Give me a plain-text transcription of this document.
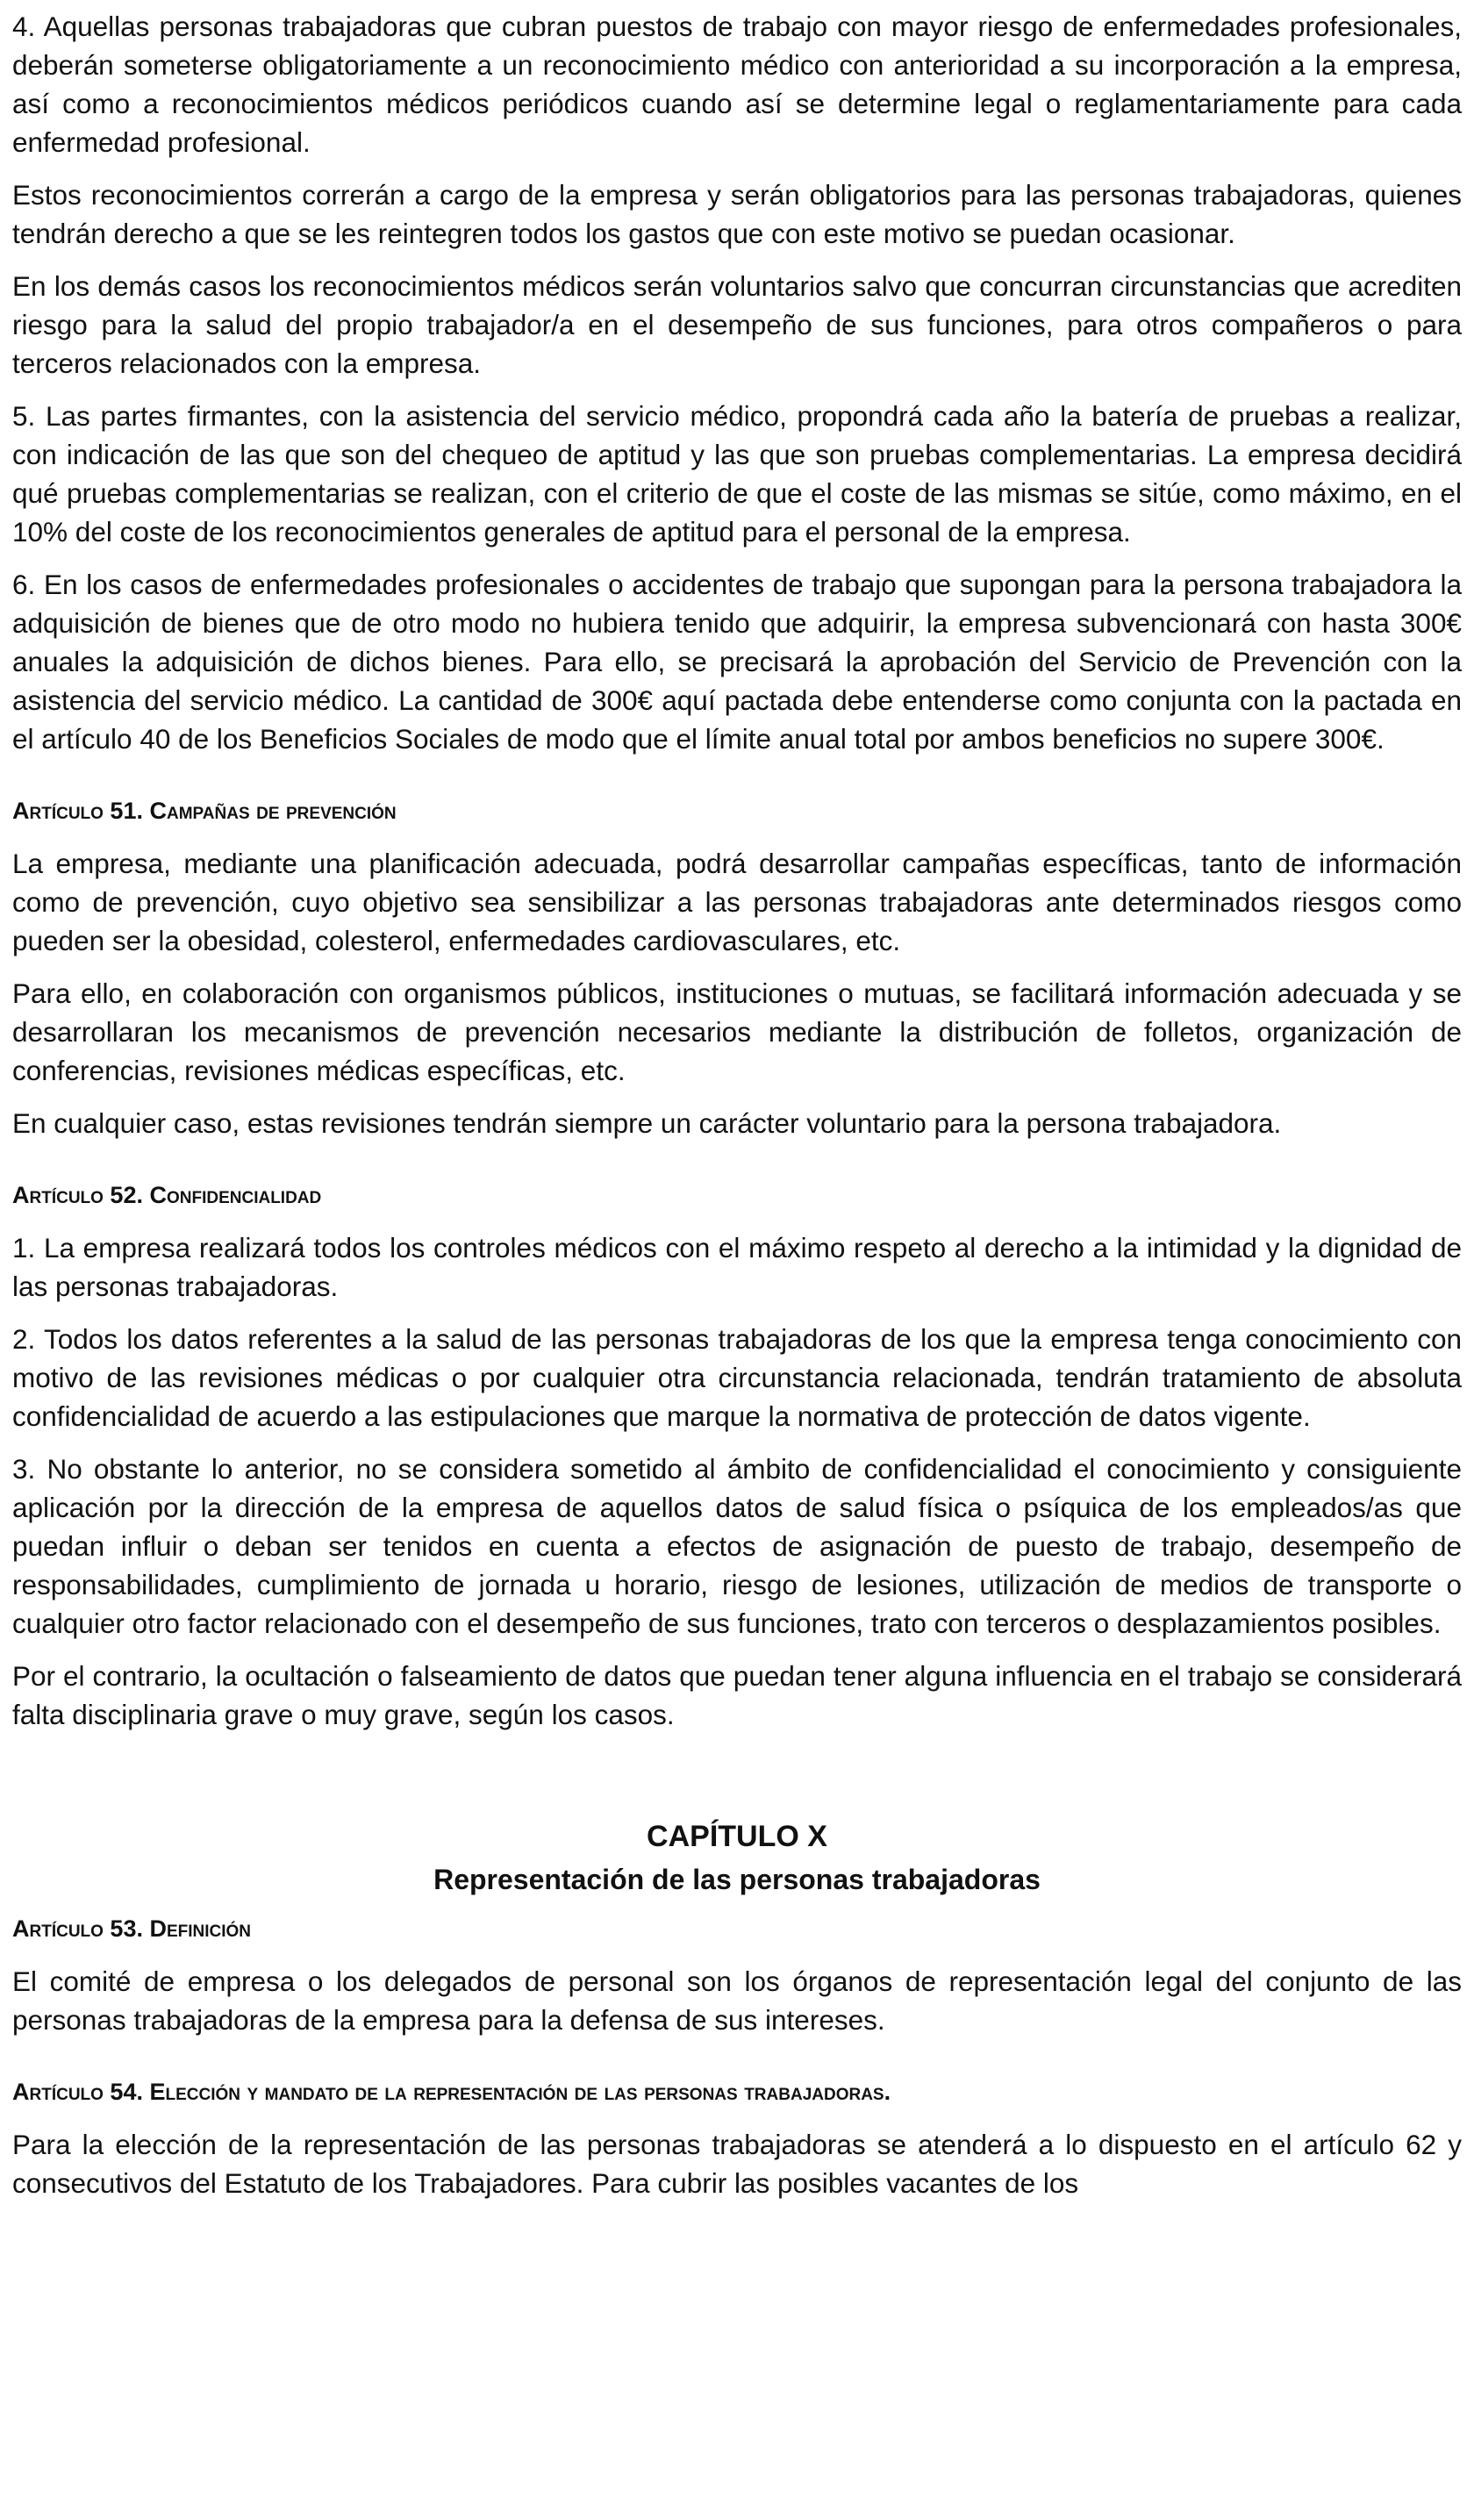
4. Aquellas personas trabajadoras que cubran puestos de trabajo con mayor riesgo de enfermedades profesionales, deberán someterse obligatoriamente a un reconocimiento médico con anterioridad a su incorporación a la empresa, así como a reconocimientos médicos periódicos cuando así se determine legal o reglamentariamente para cada enfermedad profesional.

Estos reconocimientos correrán a cargo de la empresa y serán obligatorios para las personas trabajadoras, quienes tendrán derecho a que se les reintegren todos los gastos que con este motivo se puedan ocasionar.

En los demás casos los reconocimientos médicos serán voluntarios salvo que concurran circunstancias que acrediten riesgo para la salud del propio trabajador/a en el desempeño de sus funciones, para otros compañeros o para terceros relacionados con la empresa.

5. Las partes firmantes, con la asistencia del servicio médico, propondrá cada año la batería de pruebas a realizar, con indicación de las que son del chequeo de aptitud y las que son pruebas complementarias. La empresa decidirá qué pruebas complementarias se realizan, con el criterio de que el coste de las mismas se sitúe, como máximo, en el 10% del coste de los reconocimientos generales de aptitud para el personal de la empresa.

6. En los casos de enfermedades profesionales o accidentes de trabajo que supongan para la persona trabajadora la adquisición de bienes que de otro modo no hubiera tenido que adquirir, la empresa subvencionará con hasta 300€ anuales la adquisición de dichos bienes. Para ello, se precisará la aprobación del Servicio de Prevención con la asistencia del servicio médico. La cantidad de 300€ aquí pactada debe entenderse como conjunta con la pactada en el artículo 40 de los Beneficios Sociales de modo que el límite anual total por ambos beneficios no supere 300€.

Artículo 51. Campañas de prevención

La empresa, mediante una planificación adecuada, podrá desarrollar campañas específicas, tanto de información como de prevención, cuyo objetivo sea sensibilizar a las personas trabajadoras ante determinados riesgos como pueden ser la obesidad, colesterol, enfermedades cardiovasculares, etc.

Para ello, en colaboración con organismos públicos, instituciones o mutuas, se facilitará información adecuada y se desarrollaran los mecanismos de prevención necesarios mediante la distribución de folletos, organización de conferencias, revisiones médicas específicas, etc.

En cualquier caso, estas revisiones tendrán siempre un carácter voluntario para la persona trabajadora.

Artículo 52. Confidencialidad

1. La empresa realizará todos los controles médicos con el máximo respeto al derecho a la intimidad y la dignidad de las personas trabajadoras.

2. Todos los datos referentes a la salud de las personas trabajadoras de los que la empresa tenga conocimiento con motivo de las revisiones médicas o por cualquier otra circunstancia relacionada, tendrán tratamiento de absoluta confidencialidad de acuerdo a las estipulaciones que marque la normativa de protección de datos vigente.

3. No obstante lo anterior, no se considera sometido al ámbito de confidencialidad el conocimiento y consiguiente aplicación por la dirección de la empresa de aquellos datos de salud física o psíquica de los empleados/as que puedan influir o deban ser tenidos en cuenta a efectos de asignación de puesto de trabajo, desempeño de responsabilidades, cumplimiento de jornada u horario, riesgo de lesiones, utilización de medios de transporte o cualquier otro factor relacionado con el desempeño de sus funciones, trato con terceros o desplazamientos posibles.

Por el contrario, la ocultación o falseamiento de datos que puedan tener alguna influencia en el trabajo se considerará falta disciplinaria grave o muy grave, según los casos.

CAPÍTULO X
Representación de las personas trabajadoras
Artículo 53. Definición

El comité de empresa o los delegados de personal son los órganos de representación legal del conjunto de las personas trabajadoras de la empresa para la defensa de sus intereses.

Artículo 54. Elección y mandato de la representación de las personas trabajadoras.

Para la elección de la representación de las personas trabajadoras se atenderá a lo dispuesto en el artículo 62 y consecutivos del Estatuto de los Trabajadores. Para cubrir las posibles vacantes de los
